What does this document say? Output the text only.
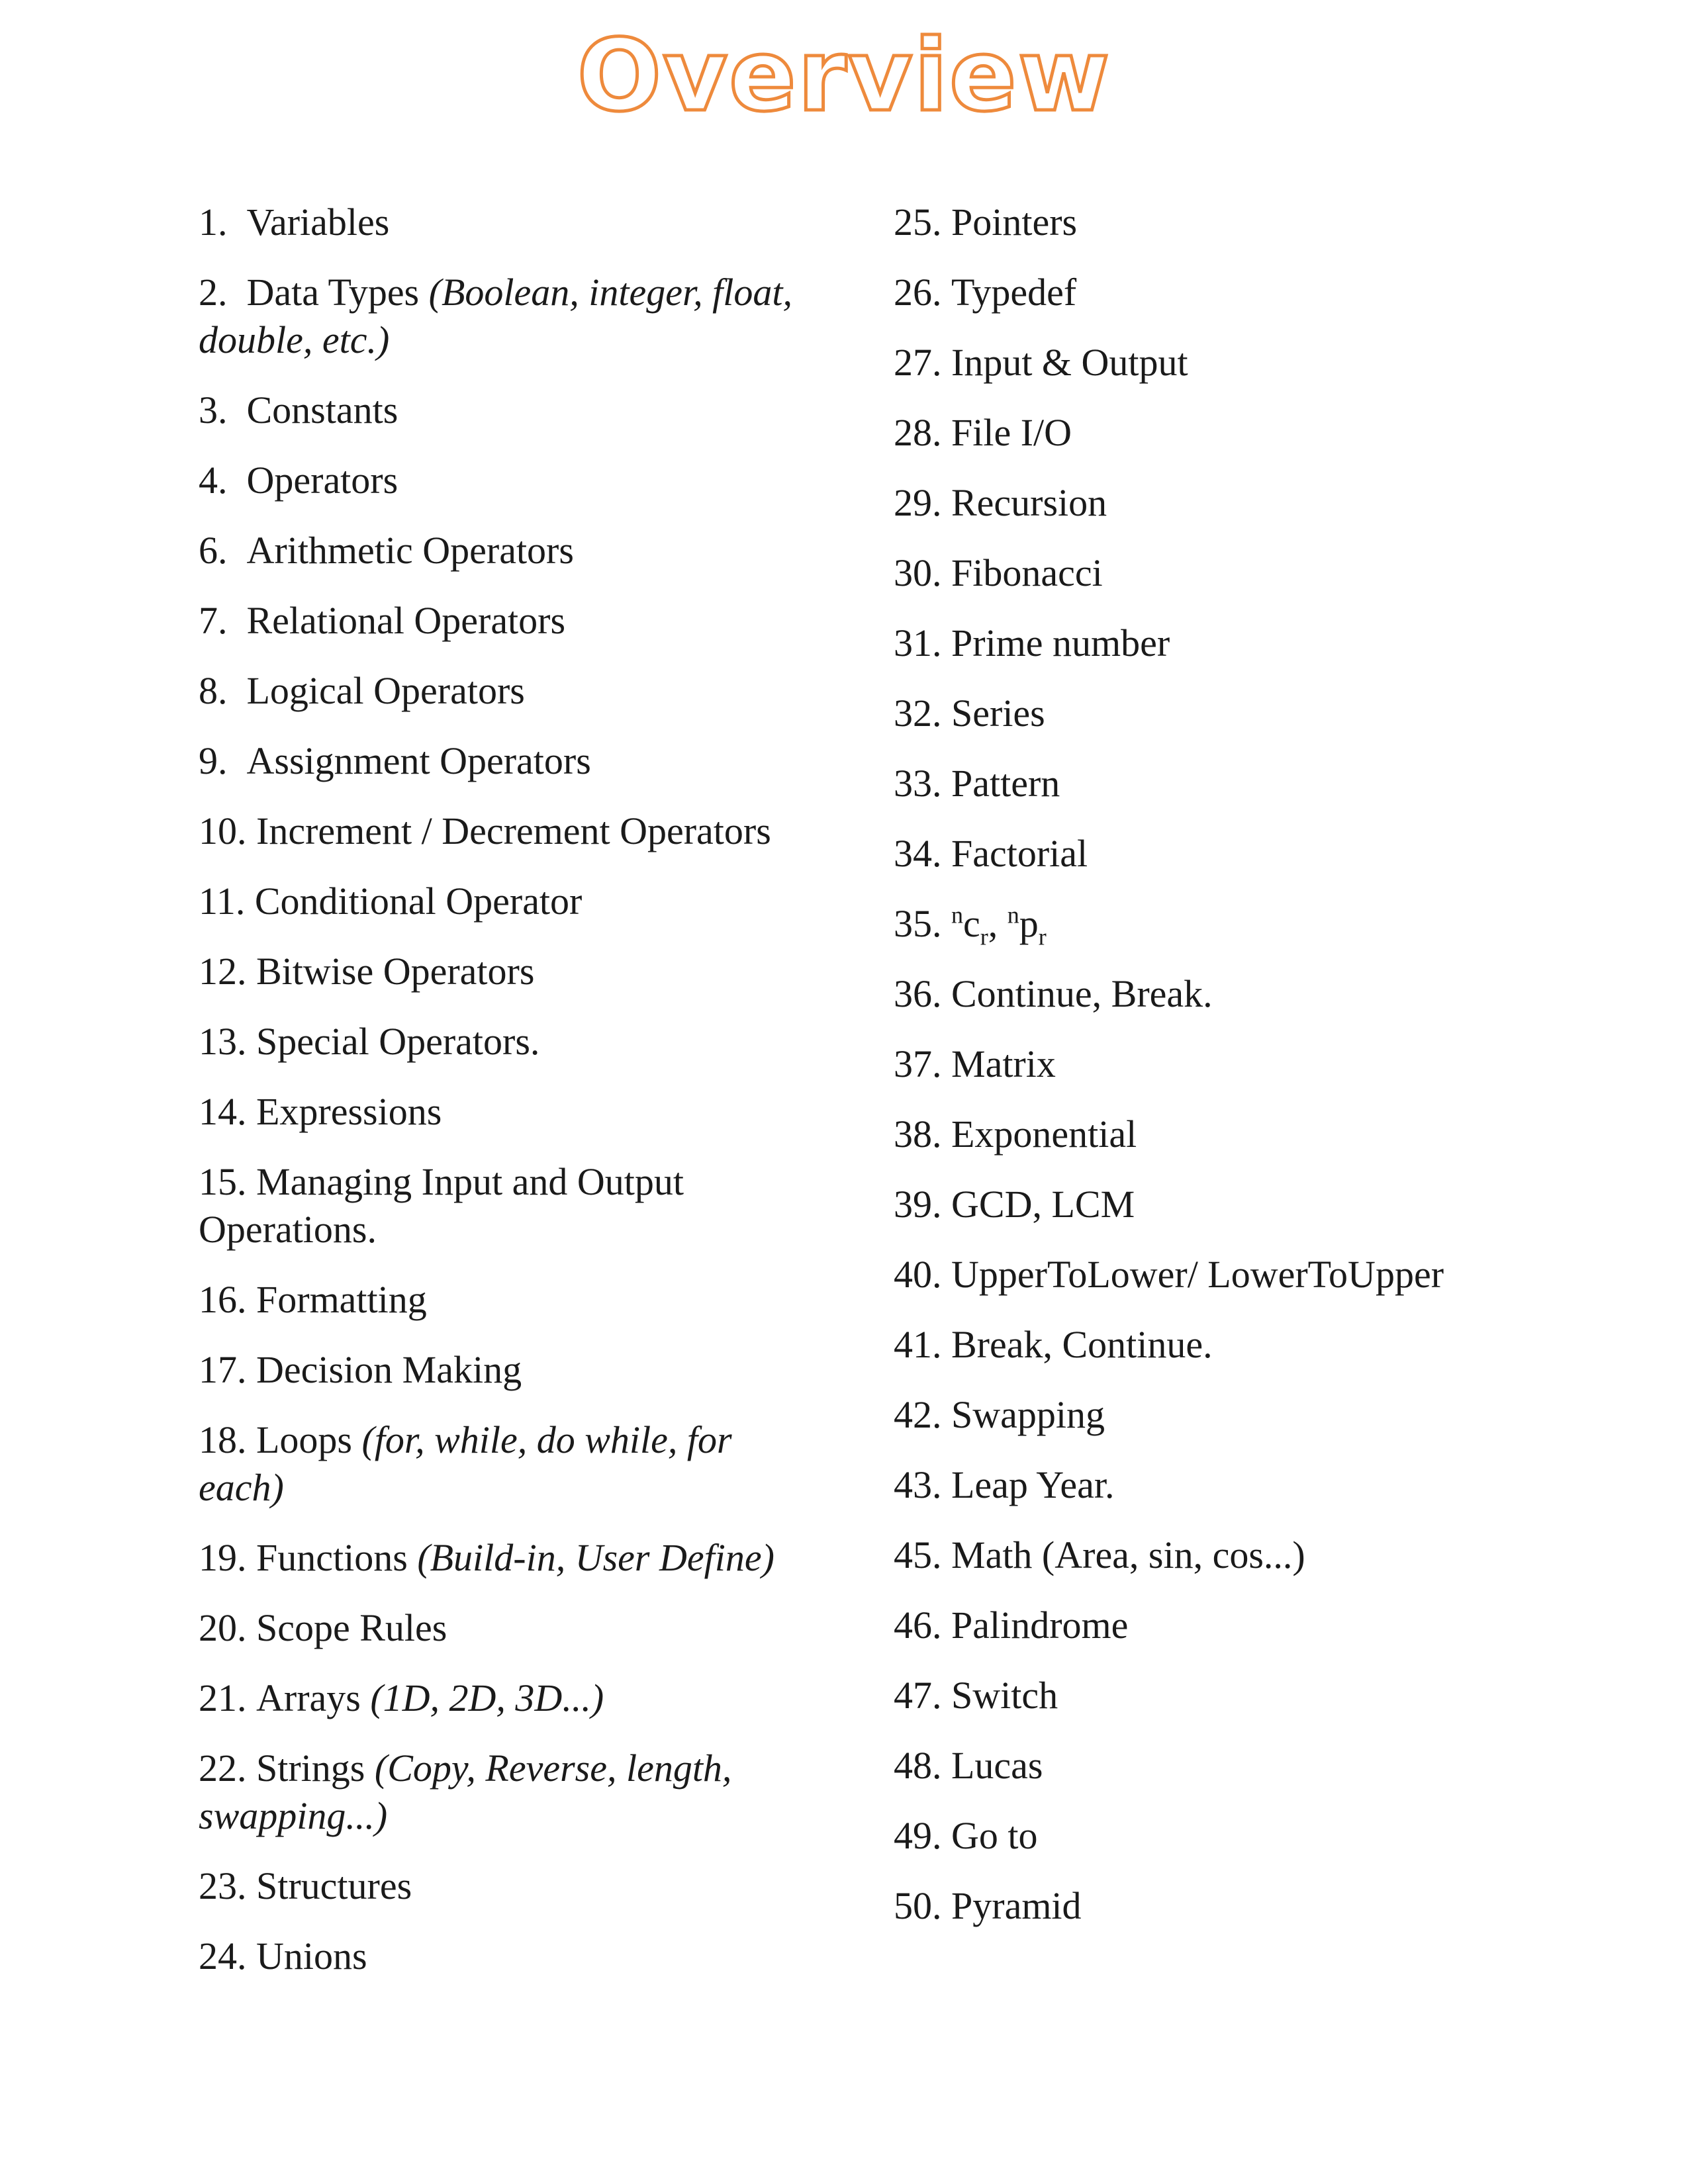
Overview
1. Variables
2. Data Types (Boolean, integer, float, double, etc.)
3. Constants
4. Operators
6. Arithmetic Operators
7. Relational Operators
8. Logical Operators
9. Assignment Operators
10. Increment / Decrement Operators
11. Conditional Operator
12. Bitwise Operators
13. Special Operators.
14. Expressions
15. Managing Input and Output Operations.
16. Formatting
17. Decision Making
18. Loops (for, while, do while, for each)
19. Functions (Build-in, User Define)
20. Scope Rules
21. Arrays (1D, 2D, 3D...)
22. Strings (Copy, Reverse, length, swapping...)
23. Structures
24. Unions
25. Pointers
26. Typedef
27. Input & Output
28. File I/O
29. Recursion
30. Fibonacci
31. Prime number
32. Series
33. Pattern
34. Factorial
35. $^nc_r$, $^np_r$
36. Continue, Break.
37. Matrix
38. Exponential
39. GCD, LCM
40. UpperToLower/ LowerToUpper
41. Break, Continue.
42. Swapping
43. Leap Year.
45. Math (Area, sin, cos...)
46. Palindrome
47. Switch
48. Lucas
49. Go to
50. Pyramid
